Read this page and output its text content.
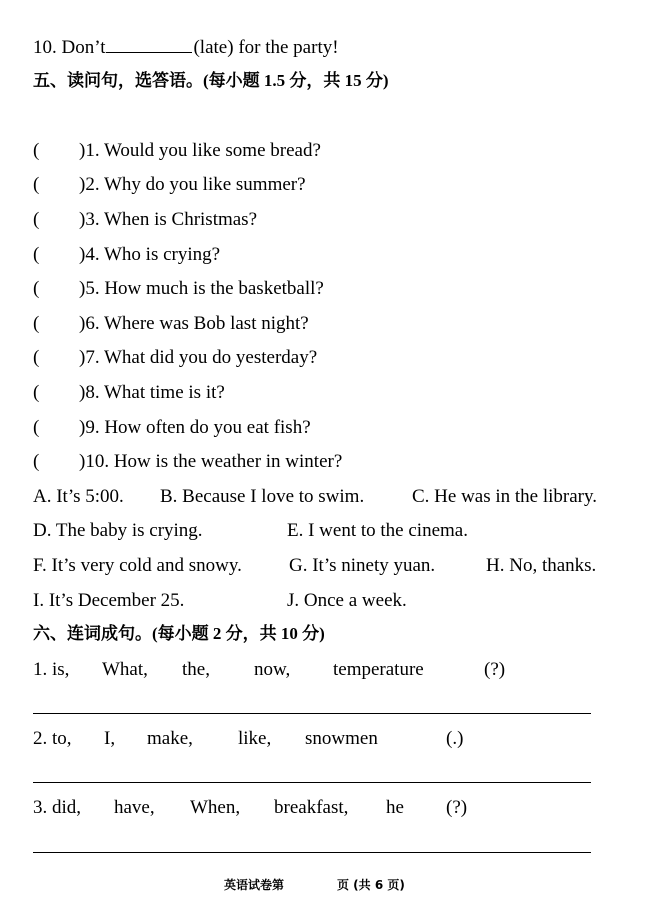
10. Don’t	(late) for the party!
五、读问句，选答语。(每小题 1.5 分，共 15 分)
( )1. Would you like some bread?
( )2. Why do you like summer?
( )3. When is Christmas?
( )4. Who is crying?
( )5. How much is the basketball?
( )6. Where was Bob last night?
( )7. What did you do yesterday?
( )8. What time is it?
( )9. How often do you eat fish?
( )10. How is the weather in winter?
A. It’s 5:00. B. Because I love to swim.	C. He was in the library.
D. The baby is crying.	E. I went to the cinema.
F. It’s very cold and snowy. G. It’s ninety yuan.	H. No, thanks.
I. It’s December 25.	J. Once a week.
六、连词成句。(每小题 2 分，共 10 分)
1. is, What, the, now, temperature	(?)
2. to, I, make, like, snowmen	(.)
3. did, have, When, breakfast, he (?)
英语试卷第	页 (共 6 页)
